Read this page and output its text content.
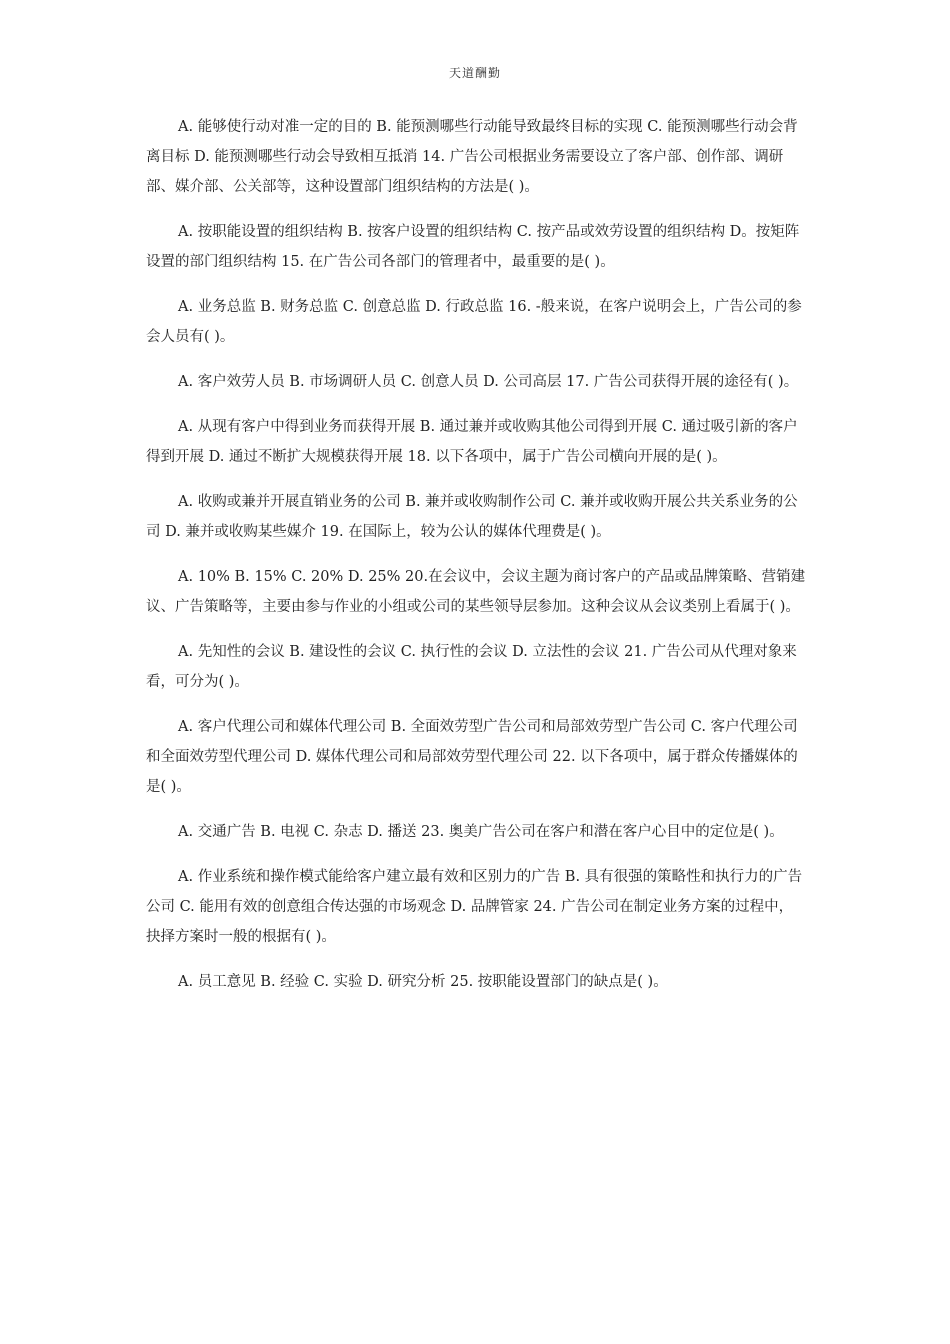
天道酬勤

A. 能够使行动对准一定的目的 B. 能预测哪些行动能导致最终目标的实现 C. 能预测哪些行动会背离目标 D. 能预测哪些行动会导致相互抵消 14. 广告公司根据业务需要设立了客户部、创作部、调研部、媒介部、公关部等，这种设置部门组织结构的方法是( )。

A. 按职能设置的组织结构 B. 按客户设置的组织结构 C. 按产品或效劳设置的组织结构 D。按矩阵设置的部门组织结构 15. 在广告公司各部门的管理者中，最重要的是( )。

A. 业务总监 B. 财务总监 C. 创意总监 D. 行政总监 16. -般来说，在客户说明会上，广告公司的参会人员有( )。

A. 客户效劳人员 B. 市场调研人员 C. 创意人员 D. 公司高层 17. 广告公司获得开展的途径有( )。

A. 从现有客户中得到业务而获得开展 B. 通过兼并或收购其他公司得到开展 C. 通过吸引新的客户得到开展 D. 通过不断扩大规模获得开展 18. 以下各项中，属于广告公司横向开展的是( )。

A. 收购或兼并开展直销业务的公司 B. 兼并或收购制作公司 C. 兼并或收购开展公共关系业务的公司 D. 兼并或收购某些媒介 19. 在国际上，较为公认的媒体代理费是( )。

A. 10% B. 15% C. 20% D. 25% 20.在会议中，会议主题为商讨客户的产品或品牌策略、营销建议、广告策略等，主要由参与作业的小组或公司的某些领导层参加。这种会议从会议类别上看属于( )。

A. 先知性的会议 B. 建设性的会议 C. 执行性的会议 D. 立法性的会议 21. 广告公司从代理对象来看，可分为( )。

A. 客户代理公司和媒体代理公司 B. 全面效劳型广告公司和局部效劳型广告公司 C. 客户代理公司和全面效劳型代理公司 D. 媒体代理公司和局部效劳型代理公司 22. 以下各项中，属于群众传播媒体的是( )。

A. 交通广告 B. 电视 C. 杂志 D. 播送 23. 奥美广告公司在客户和潜在客户心目中的定位是( )。

A. 作业系统和操作模式能给客户建立最有效和区别力的广告 B. 具有很强的策略性和执行力的广告公司 C. 能用有效的创意组合传达强的市场观念 D. 品牌管家 24. 广告公司在制定业务方案的过程中，抉择方案时一般的根据有( )。

A. 员工意见 B. 经验 C. 实验 D. 研究分析 25. 按职能设置部门的缺点是( )。
